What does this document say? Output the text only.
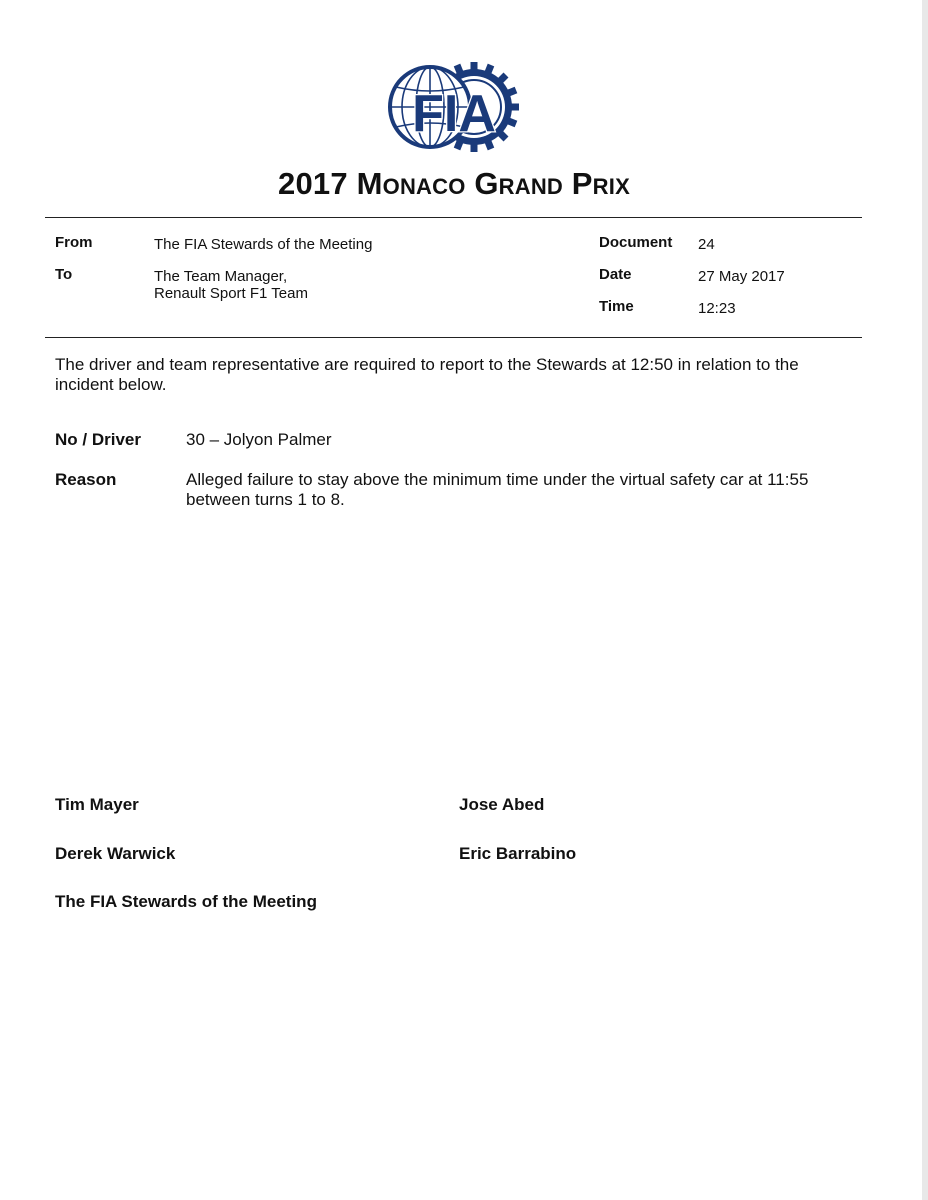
FIA
2017 Monaco Grand Prix
From	The FIA Stewards of the Meeting
To	The Team Manager,
Renault Sport F1 Team
Document 24
Date	27 May 2017
Time	12:23
The driver and team representative are required to report to the Stewards at 12:50 in relation to the
incident below.
No / Driver	30 – Jolyon Palmer
Reason	Alleged failure to stay above the minimum time under the virtual safety car at 11:55
between turns 1 to 8.
Tim Mayer	Jose Abed
Derek Warwick	Eric Barrabino
The FIA Stewards of the Meeting
